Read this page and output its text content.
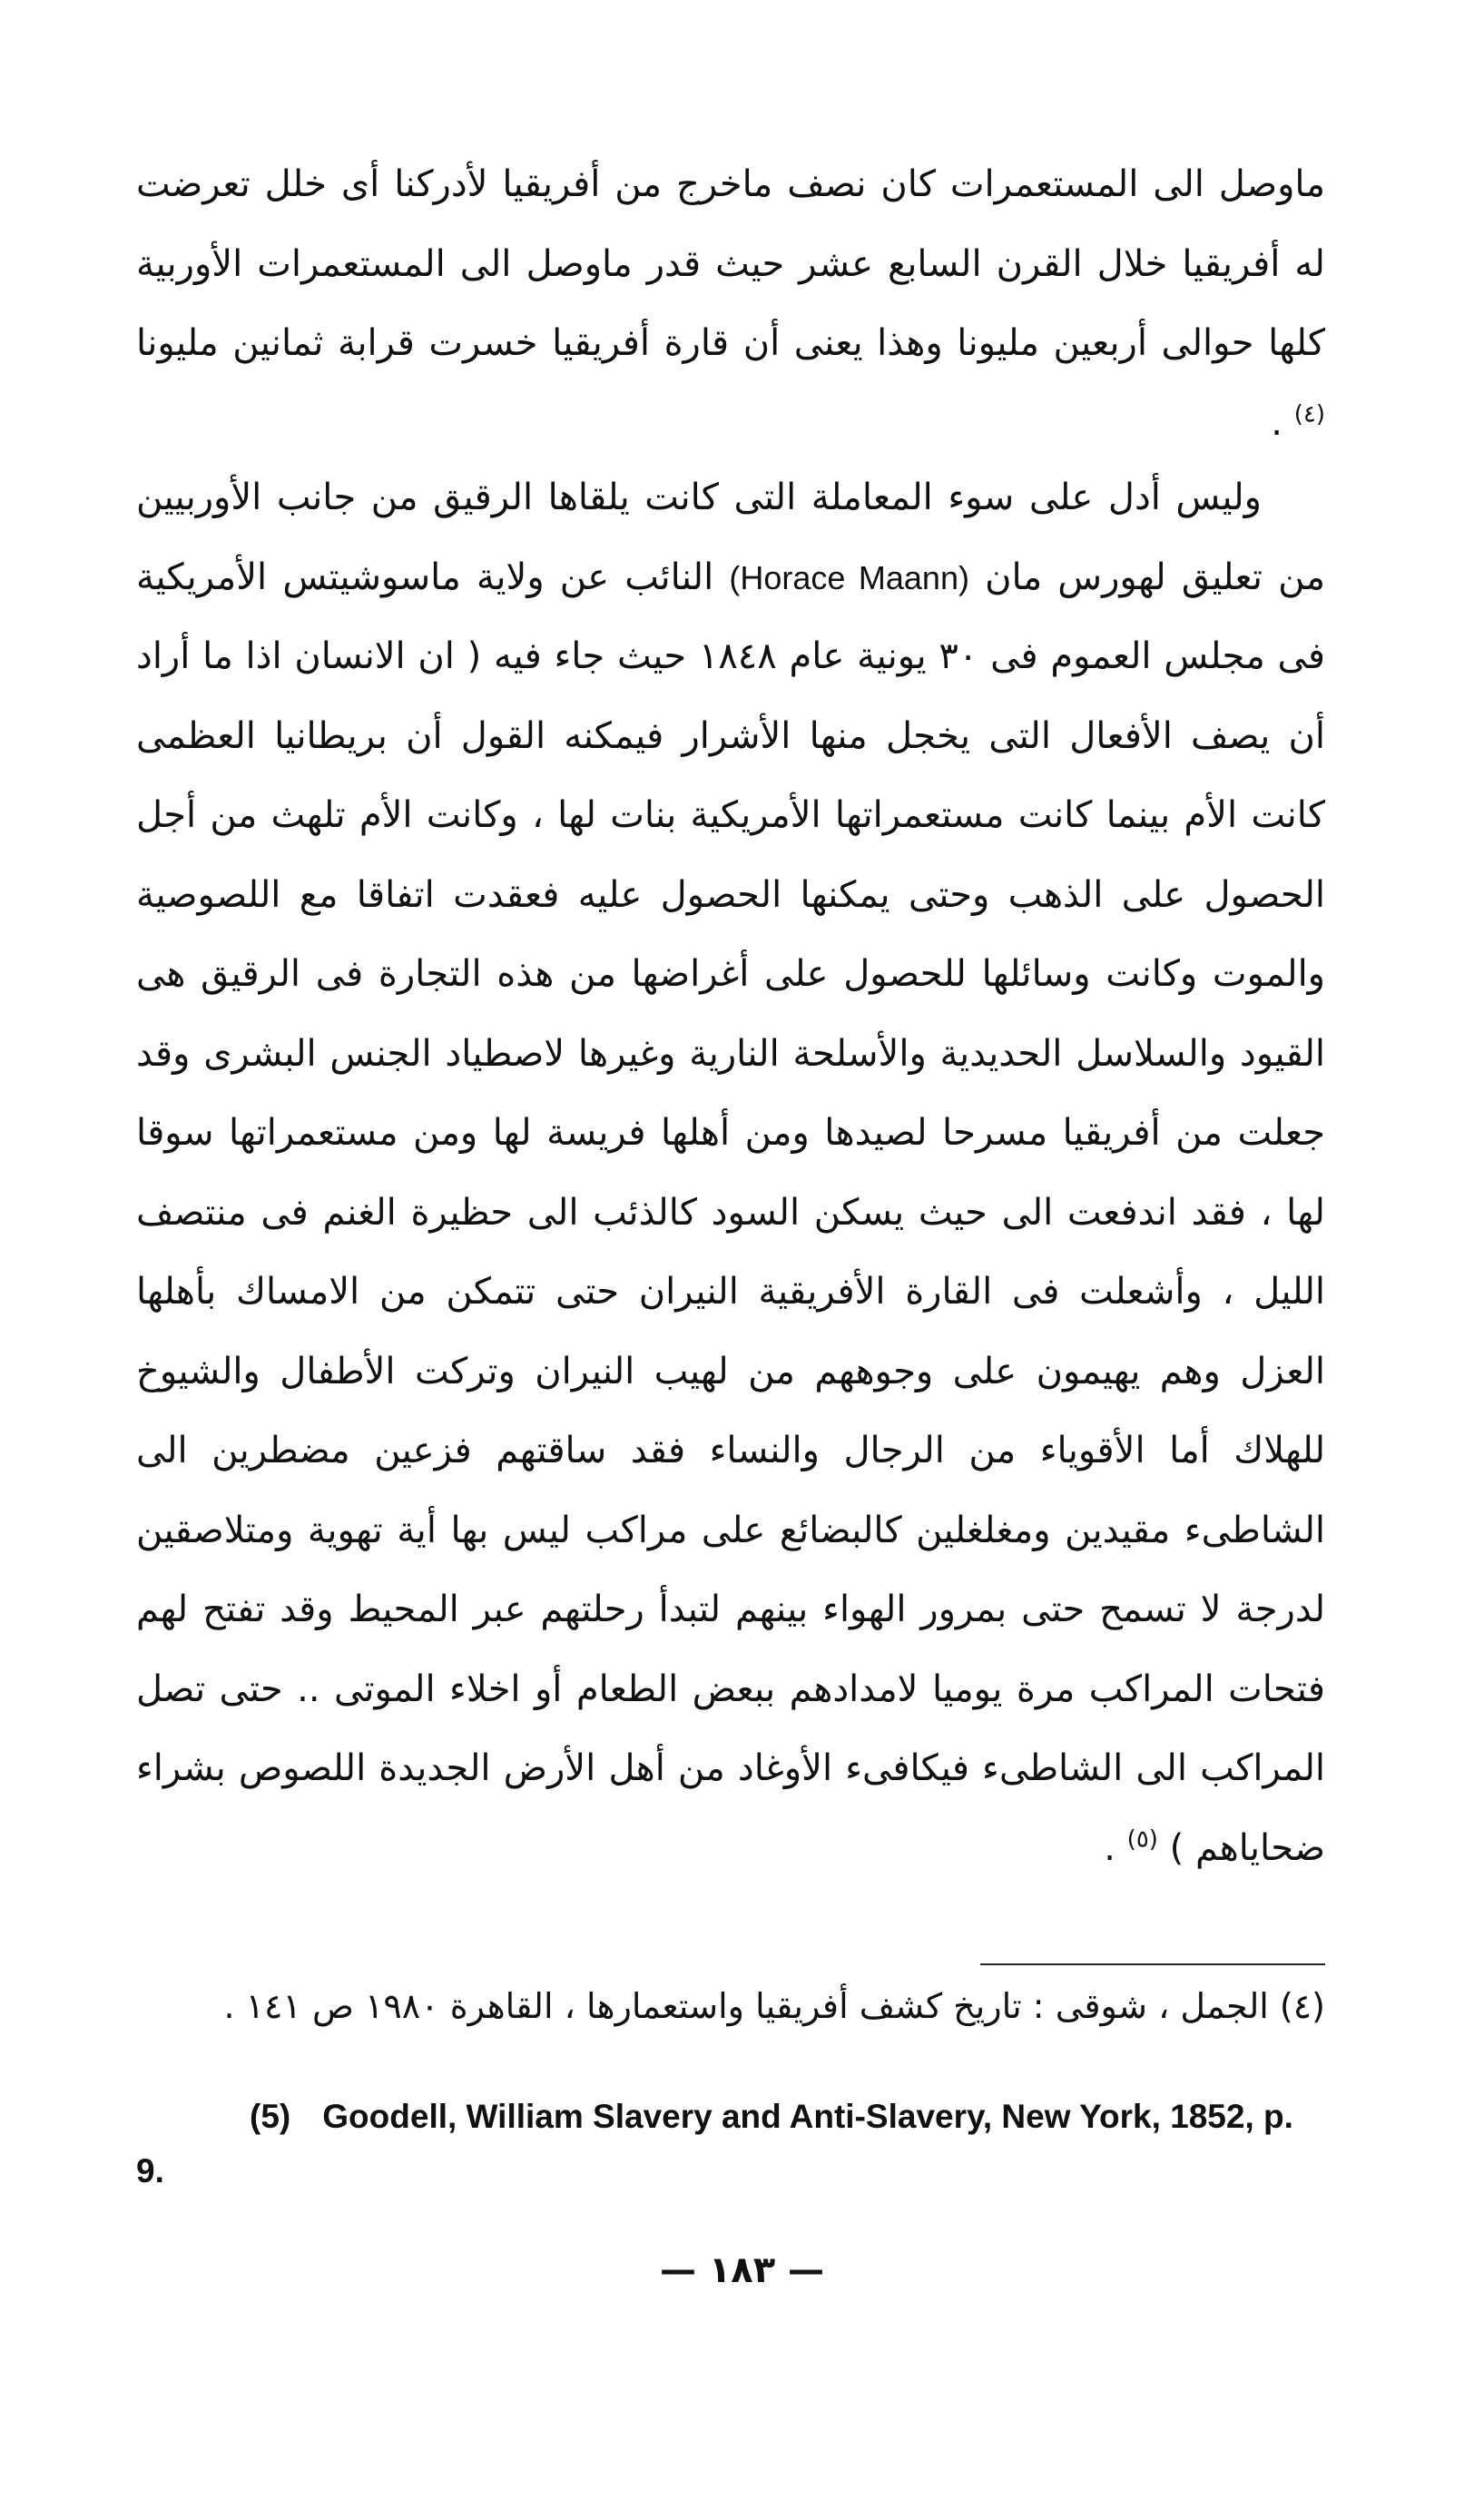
ماوصل الى المستعمرات كان نصف ماخرج من أفريقيا لأدركنا أى خلل تعرضت له أفريقيا خلال القرن السابع عشر حيث قدر ماوصل الى المستعمرات الأوربية كلها حوالى أربعين مليونا وهذا يعنى أن قارة أفريقيا خسرت قرابة ثمانين مليونا $^{(٤)}$ .
وليس أدل على سوء المعاملة التى كانت يلقاها الرقيق من جانب الأوربيين من تعليق لهورس مان (Horace Maann) النائب عن ولاية ماسوشيتس الأمريكية فى مجلس العموم فى ٣٠ يونية عام ١٨٤٨ حيث جاء فيه ( ان الانسان اذا ما أراد أن يصف الأفعال التى يخجل منها الأشرار فيمكنه القول أن بريطانيا العظمى كانت الأم بينما كانت مستعمراتها الأمريكية بنات لها ، وكانت الأم تلهث من أجل الحصول على الذهب وحتى يمكنها الحصول عليه فعقدت اتفاقا مع اللصوصية والموت وكانت وسائلها للحصول على أغراضها من هذه التجارة فى الرقيق هى القيود والسلاسل الحديدية والأسلحة النارية وغيرها لاصطياد الجنس البشرى وقد جعلت من أفريقيا مسرحا لصيدها ومن أهلها فريسة لها ومن مستعمراتها سوقا لها ، فقد اندفعت الى حيث يسكن السود كالذئب الى حظيرة الغنم فى منتصف الليل ، وأشعلت فى القارة الأفريقية النيران حتى تتمكن من الامساك بأهلها العزل وهم يهيمون على وجوههم من لهيب النيران وتركت الأطفال والشيوخ للهلاك أما الأقوياء من الرجال والنساء فقد ساقتهم فزعين مضطرين الى الشاطىء مقيدين ومغلغلين كالبضائع على مراكب ليس بها أية تهوية ومتلاصقين لدرجة لا تسمح حتى بمرور الهواء بينهم لتبدأ رحلتهم عبر المحيط وقد تفتح لهم فتحات المراكب مرة يوميا لامدادهم ببعض الطعام أو اخلاء الموتى .. حتى تصل المراكب الى الشاطىء فيكافىء الأوغاد من أهل الأرض الجديدة اللصوص بشراء ضحاياهم ) $^{(٥)}$ .
(٤) الجمل ، شوقى : تاريخ كشف أفريقيا واستعمارها ، القاهرة ١٩٨٠ ص ١٤١ .
(5) Goodell, William Slavery and Anti-Slavery, New York, 1852, p. 9.
— ١٨٣ —
